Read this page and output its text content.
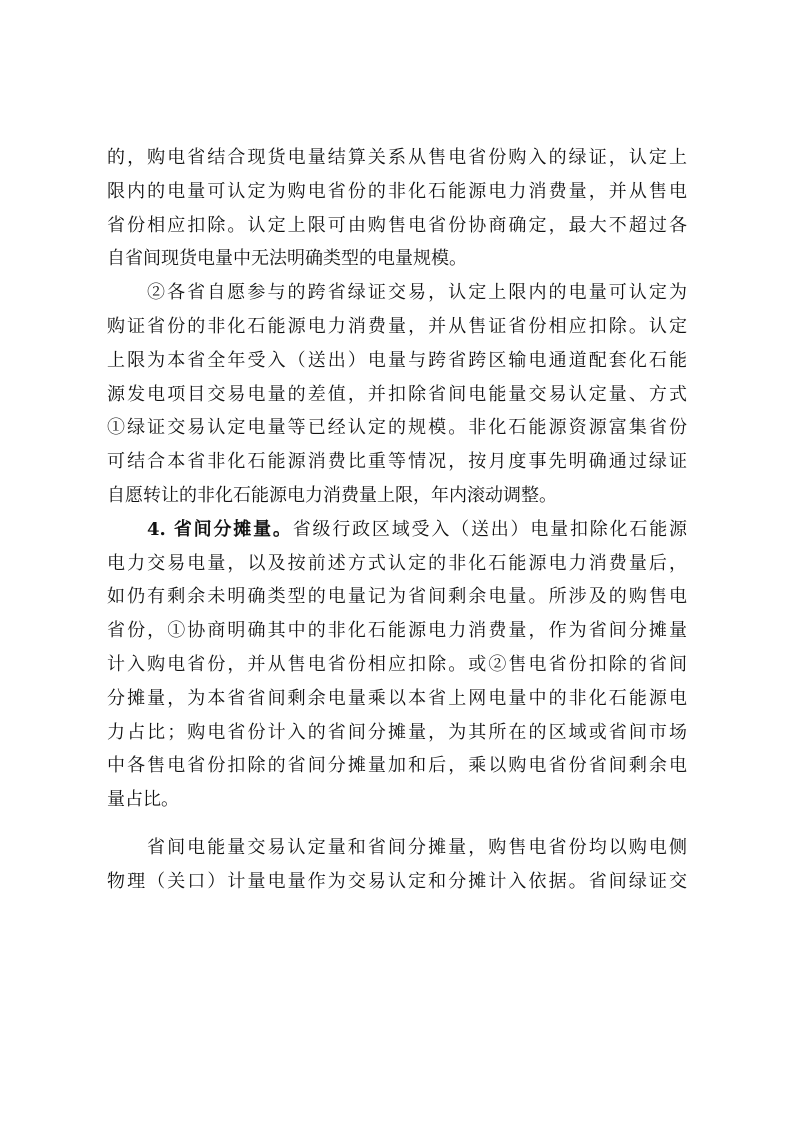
的，购电省结合现货电量结算关系从售电省份购入的绿证，认定上
限内的电量可认定为购电省份的非化石能源电力消费量，并从售电
省份相应扣除。认定上限可由购售电省份协商确定，最大不超过各
自省间现货电量中无法明确类型的电量规模。
②各省自愿参与的跨省绿证交易，认定上限内的电量可认定为
购证省份的非化石能源电力消费量，并从售证省份相应扣除。认定
上限为本省全年受入（送出）电量与跨省跨区输电通道配套化石能
源发电项目交易电量的差值，并扣除省间电能量交易认定量、方式
①绿证交易认定电量等已经认定的规模。非化石能源资源富集省份
可结合本省非化石能源消费比重等情况，按月度事先明确通过绿证
自愿转让的非化石能源电力消费量上限，年内滚动调整。
4. 省间分摊量。省级行政区域受入（送出）电量扣除化石能源
电力交易电量，以及按前述方式认定的非化石能源电力消费量后，
如仍有剩余未明确类型的电量记为省间剩余电量。所涉及的购售电
省份，①协商明确其中的非化石能源电力消费量，作为省间分摊量
计入购电省份，并从售电省份相应扣除。或②售电省份扣除的省间
分摊量，为本省省间剩余电量乘以本省上网电量中的非化石能源电
力占比；购电省份计入的省间分摊量，为其所在的区域或省间市场
中各售电省份扣除的省间分摊量加和后，乘以购电省份省间剩余电
量占比。
省间电能量交易认定量和省间分摊量，购售电省份均以购电侧
物理（关口）计量电量作为交易认定和分摊计入依据。省间绿证交
